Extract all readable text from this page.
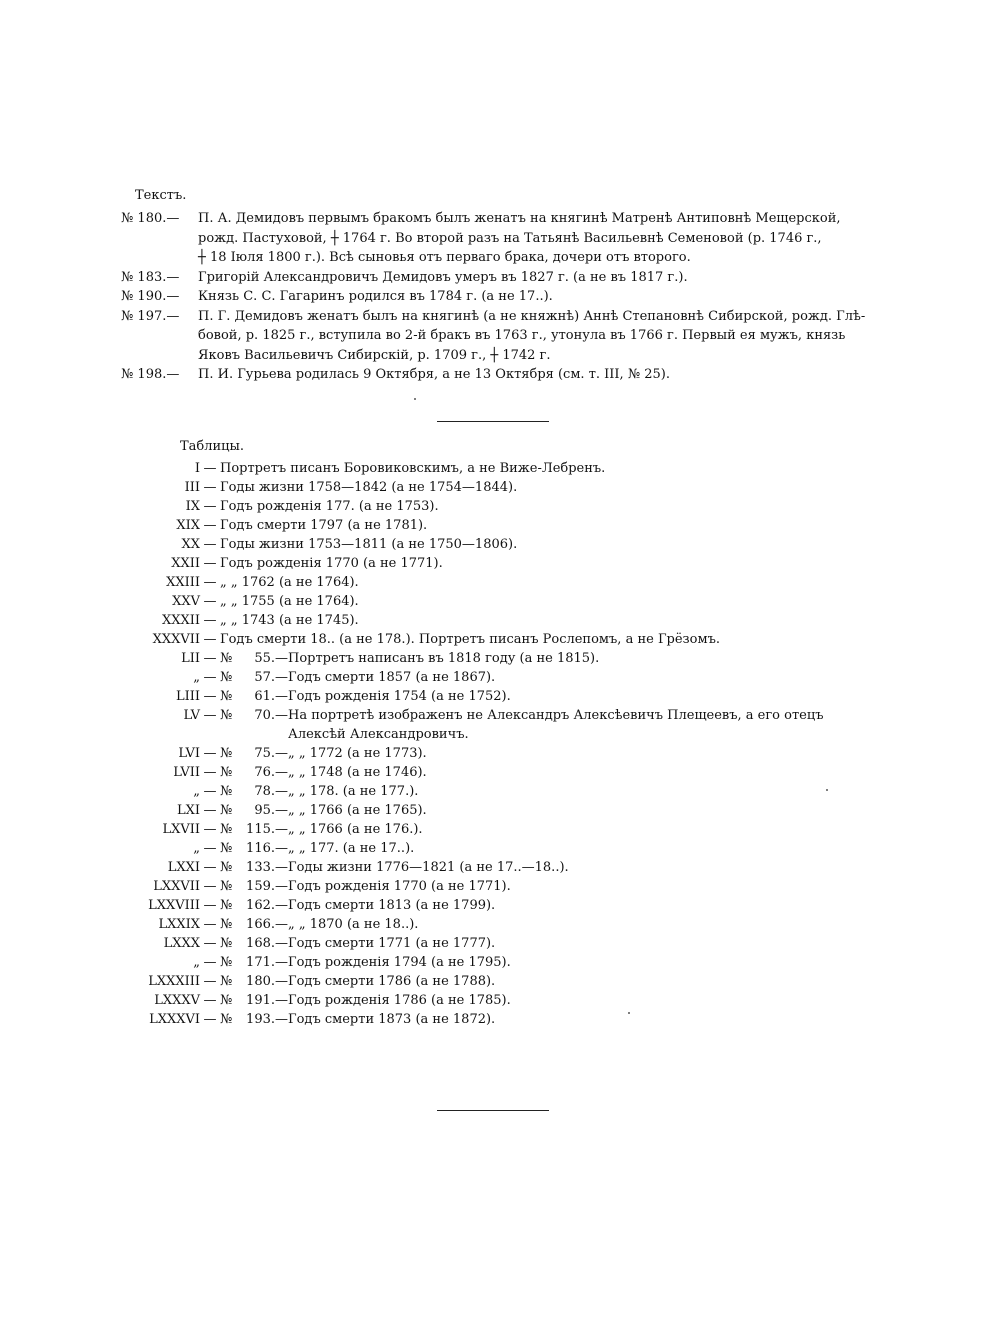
Текстъ.
№ 180.—	П. А. Демидовъ первымъ бракомъ былъ женатъ на княгинѣ Матренѣ Антиповнѣ Мещерской,
рожд. Пастуховой, ┼ 1764 г. Во второй разъ на Татьянѣ Васильевнѣ Семеновой (р. 1746 г.,
┼ 18 Іюля 1800 г.). Всѣ сыновья отъ перваго брака, дочери отъ второго.
№ 183.—	Григорій Александровичъ Демидовъ умеръ въ 1827 г. (а не въ 1817 г.).
№ 190.—	Князь С. С. Гагаринъ родился въ 1784 г. (а не 17..).
№ 197.—	П. Г. Демидовъ женатъ былъ на княгинѣ (а не княжнѣ) Аннѣ Степановнѣ Сибирской, рожд. Глѣ-
бовой, р. 1825 г., вступила во 2-й бракъ въ 1763 г., утонула въ 1766 г. Первый ея мужъ, князь
Яковъ Васильевичъ Сибирскій, р. 1709 г., ┼ 1742 г.
№ 198.—	П. И. Гурьева родилась 9 Октября, а не 13 Октября (см. т. III, № 25).
Таблицы.
I — Портретъ писанъ Боровиковскимъ, а не Виже-Лебренъ.
III — Годы жизни 1758—1842 (а не 1754—1844).
IX — Годъ рожденія 177. (а не 1753).
XIX — Годъ смерти 1797 (а не 1781).
XX — Годы жизни 1753—1811 (а не 1750—1806).
XXII — Годъ рожденія 1770 (а не 1771).
XXIII — „ „ 1762 (а не 1764).
XXV — „ „ 1755 (а не 1764).
XXXII — „ „ 1743 (а не 1745).
XXXVII — Годъ смерти 18.. (а не 178.). Портретъ писанъ Рослепомъ, а не Грёзомъ.
LII — №	55.— Портретъ написанъ въ 1818 году (а не 1815).
„ — №	57.— Годъ смерти 1857 (а не 1867).
LIII — №	61.— Годъ рожденія 1754 (а не 1752).
LV — №	70.— На портретѣ изображенъ не Александръ Алексѣевичъ Плещеевъ, а его отецъ
Алексѣй Александровичъ.
LVI — №	75.— „ „ 1772 (а не 1773).
LVII — №	76.— „ „ 1748 (а не 1746).
„ — №	78.— „ „ 178. (а не 177.).
LXI — №	95.— „ „ 1766 (а не 1765).
LXVII — №	115.— „ „ 1766 (а не 176.).
„ — №	116.— „ „ 177. (а не 17..).
LXXI — №	133.— Годы жизни 1776—1821 (а не 17..—18..).
LXXVII — №	159.— Годъ рожденія 1770 (а не 1771).
LXXVIII — №	162.— Годъ смерти 1813 (а не 1799).
LXXIX — №	166.— „ „ 1870 (а не 18..).
LXXX — №	168.— Годъ смерти 1771 (а не 1777).
„ — №	171.— Годъ рожденія 1794 (а не 1795).
LXXXIII — №	180.— Годъ смерти 1786 (а не 1788).
LXXXV — №	191.— Годъ рожденія 1786 (а не 1785).
LXXXVI — №	193.— Годъ смерти 1873 (а не 1872).
